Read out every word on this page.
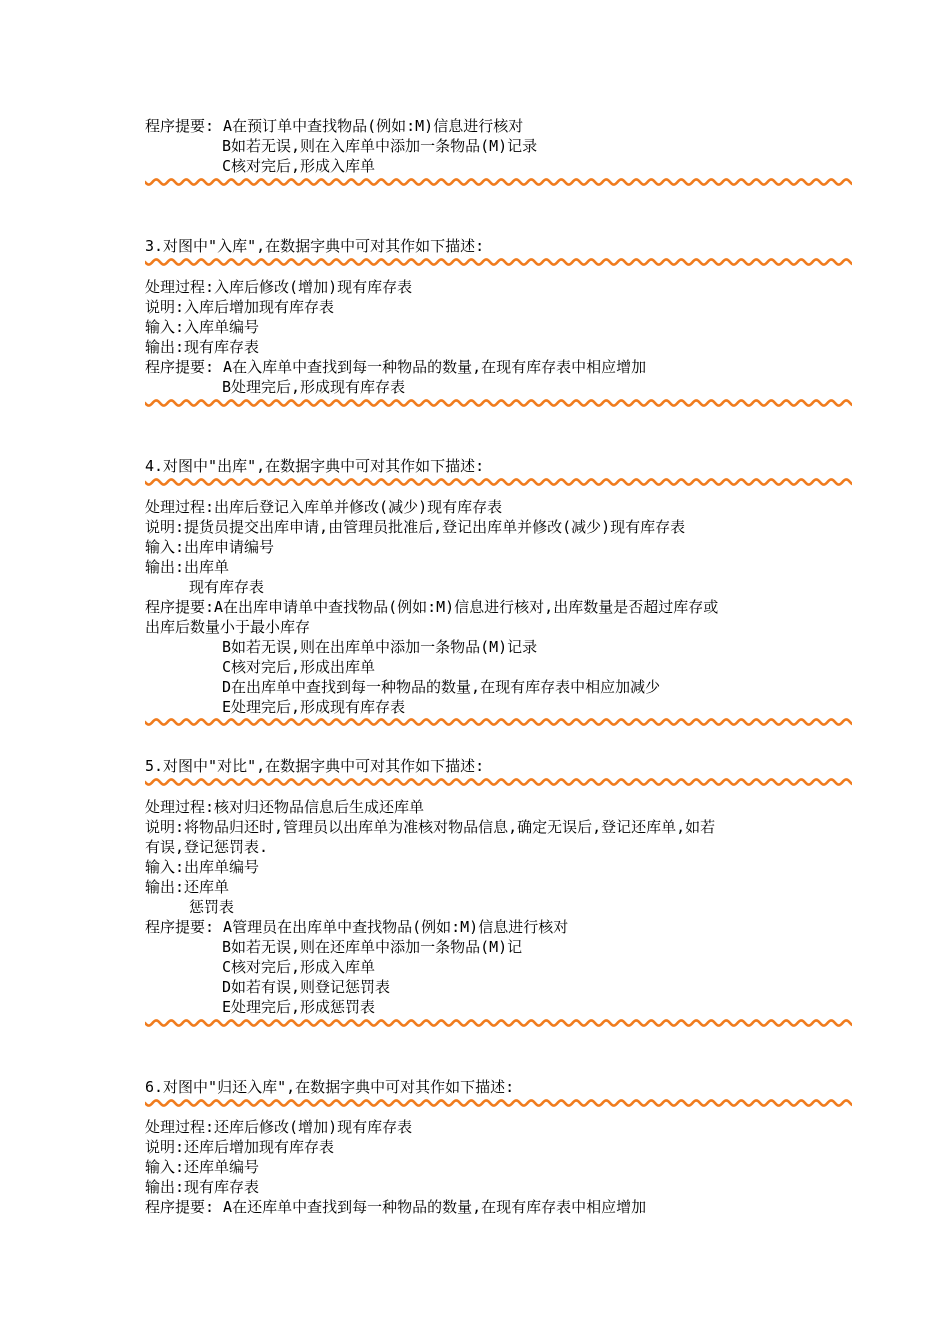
程序提要: A在预订单中查找物品(例如:M)信息进行核对
B如若无误,则在入库单中添加一条物品(M)记录
C核对完后,形成入库单
3.对图中"入库",在数据字典中可对其作如下描述:
处理过程:入库后修改(增加)现有库存表
说明:入库后增加现有库存表
输入:入库单编号
输出:现有库存表
程序提要: A在入库单中查找到每一种物品的数量,在现有库存表中相应增加
B处理完后,形成现有库存表
4.对图中"出库",在数据字典中可对其作如下描述:
处理过程:出库后登记入库单并修改(减少)现有库存表
说明:提货员提交出库申请,由管理员批准后,登记出库单并修改(减少)现有库存表
输入:出库申请编号
输出:出库单
现有库存表
程序提要:A在出库申请单中查找物品(例如:M)信息进行核对,出库数量是否超过库存或
出库后数量小于最小库存
B如若无误,则在出库单中添加一条物品(M)记录
C核对完后,形成出库单
D在出库单中查找到每一种物品的数量,在现有库存表中相应加减少
E处理完后,形成现有库存表
5.对图中"对比",在数据字典中可对其作如下描述:
处理过程:核对归还物品信息后生成还库单
说明:将物品归还时,管理员以出库单为准核对物品信息,确定无误后,登记还库单,如若
有误,登记惩罚表.
输入:出库单编号
输出:还库单
惩罚表
程序提要: A管理员在出库单中查找物品(例如:M)信息进行核对
B如若无误,则在还库单中添加一条物品(M)记
C核对完后,形成入库单
D如若有误,则登记惩罚表
E处理完后,形成惩罚表
6.对图中"归还入库",在数据字典中可对其作如下描述:
处理过程:还库后修改(增加)现有库存表
说明:还库后增加现有库存表
输入:还库单编号
输出:现有库存表
程序提要: A在还库单中查找到每一种物品的数量,在现有库存表中相应增加
